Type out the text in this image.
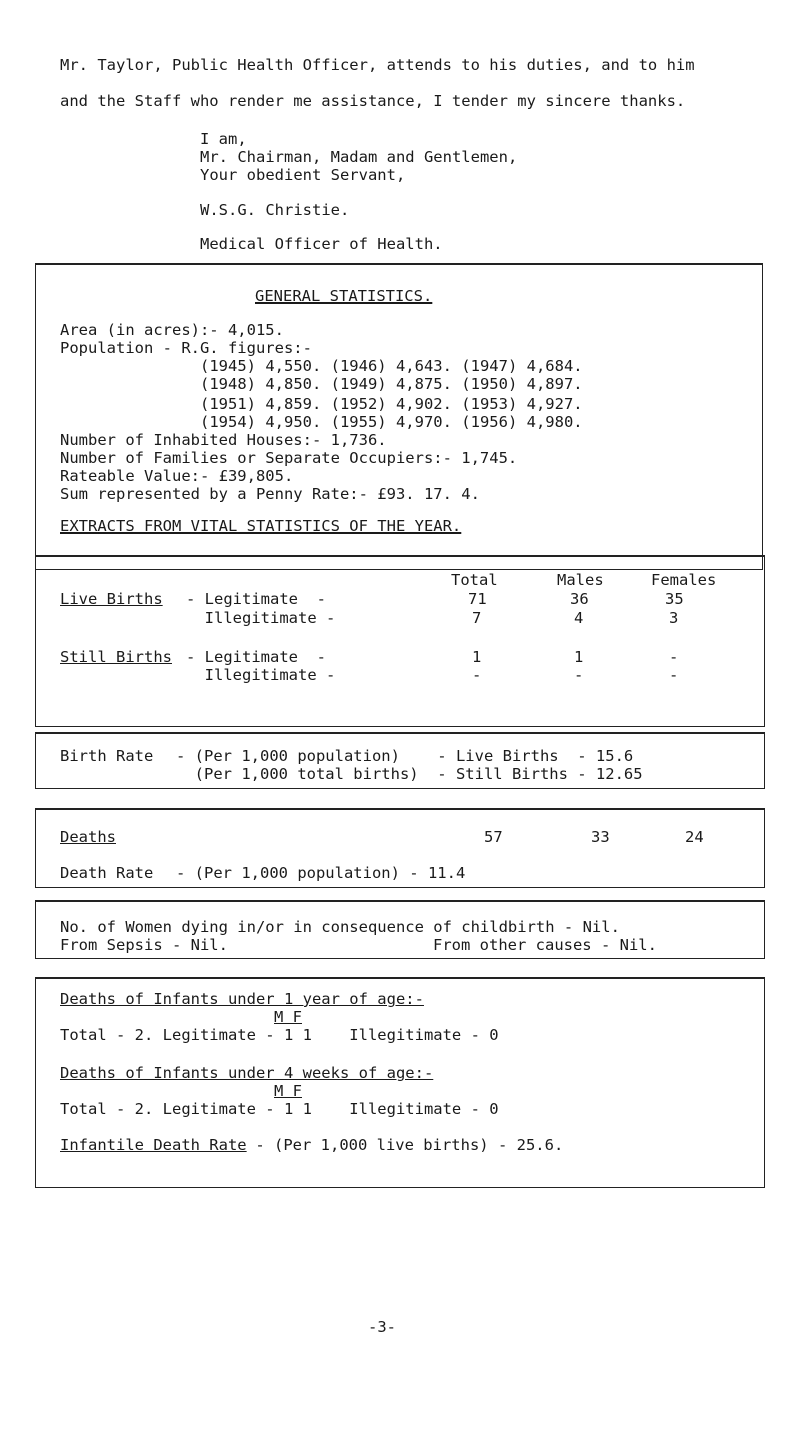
Mr. Taylor, Public Health Officer, attends to his duties, and to him
and the Staff who render me assistance, I tender my sincere thanks.
I am,
Mr. Chairman, Madam and Gentlemen,
Your obedient Servant,
W.S.G. Christie.
Medical Officer of Health.
GENERAL STATISTICS.
Area (in acres):- 4,015.
Population - R.G. figures:-
(1945) 4,550. (1946) 4,643. (1947) 4,684.
(1948) 4,850. (1949) 4,875. (1950) 4,897.
(1951) 4,859. (1952) 4,902. (1953) 4,927.
(1954) 4,950. (1955) 4,970. (1956) 4,980.
Number of Inhabited Houses:- 1,736.
Number of Families or Separate Occupiers:- 1,745.
Rateable Value:- £39,805.
Sum represented by a Penny Rate:- £93. 17. 4.
EXTRACTS FROM VITAL STATISTICS OF THE YEAR.
Total	Males	Females
Live Births - Legitimate  -	71	36	35
Illegitimate -	7	4	3
Still Births - Legitimate  -	1	1	-
Illegitimate -	-	-	-
Birth Rate - (Per 1,000 population)    - Live Births  - 15.6
(Per 1,000 total births)  - Still Births - 12.65
Deaths	57	33	24
Death Rate - (Per 1,000 population) - 11.4
No. of Women dying in/or in consequence of childbirth - Nil.
From Sepsis - Nil.	From other causes - Nil.
Deaths of Infants under 1 year of age:-
M F
Total - 2. Legitimate - 1 1    Illegitimate - 0
Deaths of Infants under 4 weeks of age:-
M F
Total - 2. Legitimate - 1 1    Illegitimate - 0
Infantile Death Rate - (Per 1,000 live births) - 25.6.
-3-
